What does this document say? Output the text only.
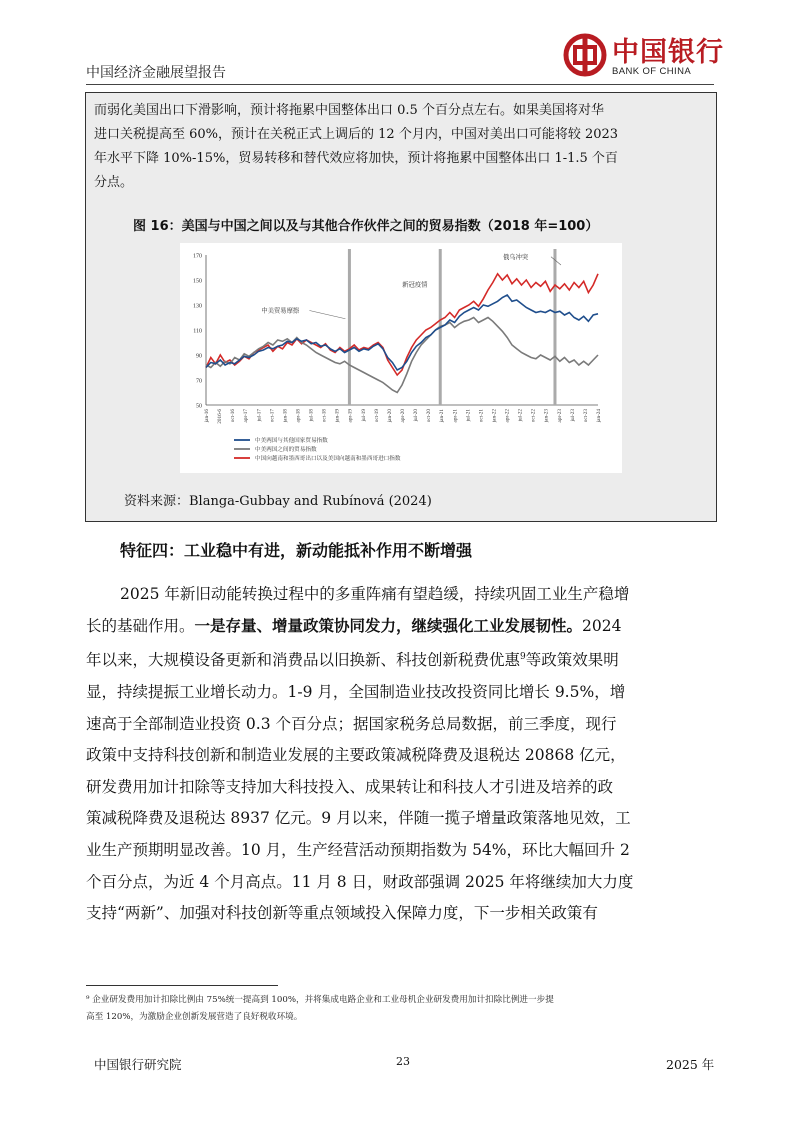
中国经济金融展望报告
中国银行
BANK OF CHINA
而弱化美国出口下滑影响，预计将拖累中国整体出口 0.5 个百分点左右。如果美国将对华
进口关税提高至 60%，预计在关税正式上调后的 12 个月内，中国对美出口可能将较 2023
年水平下降 10%-15%，贸易转移和替代效应将加快，预计将拖累中国整体出口 1-1.5 个百
分点。
图 16：美国与中国之间以及与其他合作伙伴之间的贸易指数（2018 年=100）
170
150
130
110
90
70
50
jan-16 2016-6 oct-16 apr-17 jul-17 oct-17 jan-18 apr-18 jul-18 oct-18 jan-19 apr-19 jul-19 oct-19 jan-20 apr-20 jul-20 oct-20 jan-21 apr-21 jul-21 oct-21 jan-22 apr-22 jul-22 oct-22 jan-23 apr-23 jul-23 oct-23 jan-24
中美贸易摩擦
新冠疫情
俄乌冲突
中美两国与其他国家贸易指数
中美两国之间的贸易指数
中国向越南和墨西哥出口以及美国向越南和墨西哥进口指数
资料来源：Blanga-Gubbay and Rubínová (2024)
特征四：工业稳中有进，新动能抵补作用不断增强
2025 年新旧动能转换过程中的多重阵痛有望趋缓，持续巩固工业生产稳增
长的基础作用。一是存量、增量政策协同发力，继续强化工业发展韧性。2024
年以来，大规模设备更新和消费品以旧换新、科技创新税费优惠$^9$等政策效果明
显，持续提振工业增长动力。1-9 月，全国制造业技改投资同比增长 9.5%，增
速高于全部制造业投资 0.3 个百分点；据国家税务总局数据，前三季度，现行
政策中支持科技创新和制造业发展的主要政策减税降费及退税达 20868 亿元，
研发费用加计扣除等支持加大科技投入、成果转让和科技人才引进及培养的政
策减税降费及退税达 8937 亿元。9 月以来，伴随一揽子增量政策落地见效，工
业生产预期明显改善。10 月，生产经营活动预期指数为 54%，环比大幅回升 2
个百分点，为近 4 个月高点。11 月 8 日，财政部强调 2025 年将继续加大力度
支持“两新”、加强对科技创新等重点领域投入保障力度，下一步相关政策有
⁹ 企业研发费用加计扣除比例由 75%统一提高到 100%，并将集成电路企业和工业母机企业研发费用加计扣除比例进一步提
高至 120%，为激励企业创新发展营造了良好税收环境。
中国银行研究院	23	2025 年
